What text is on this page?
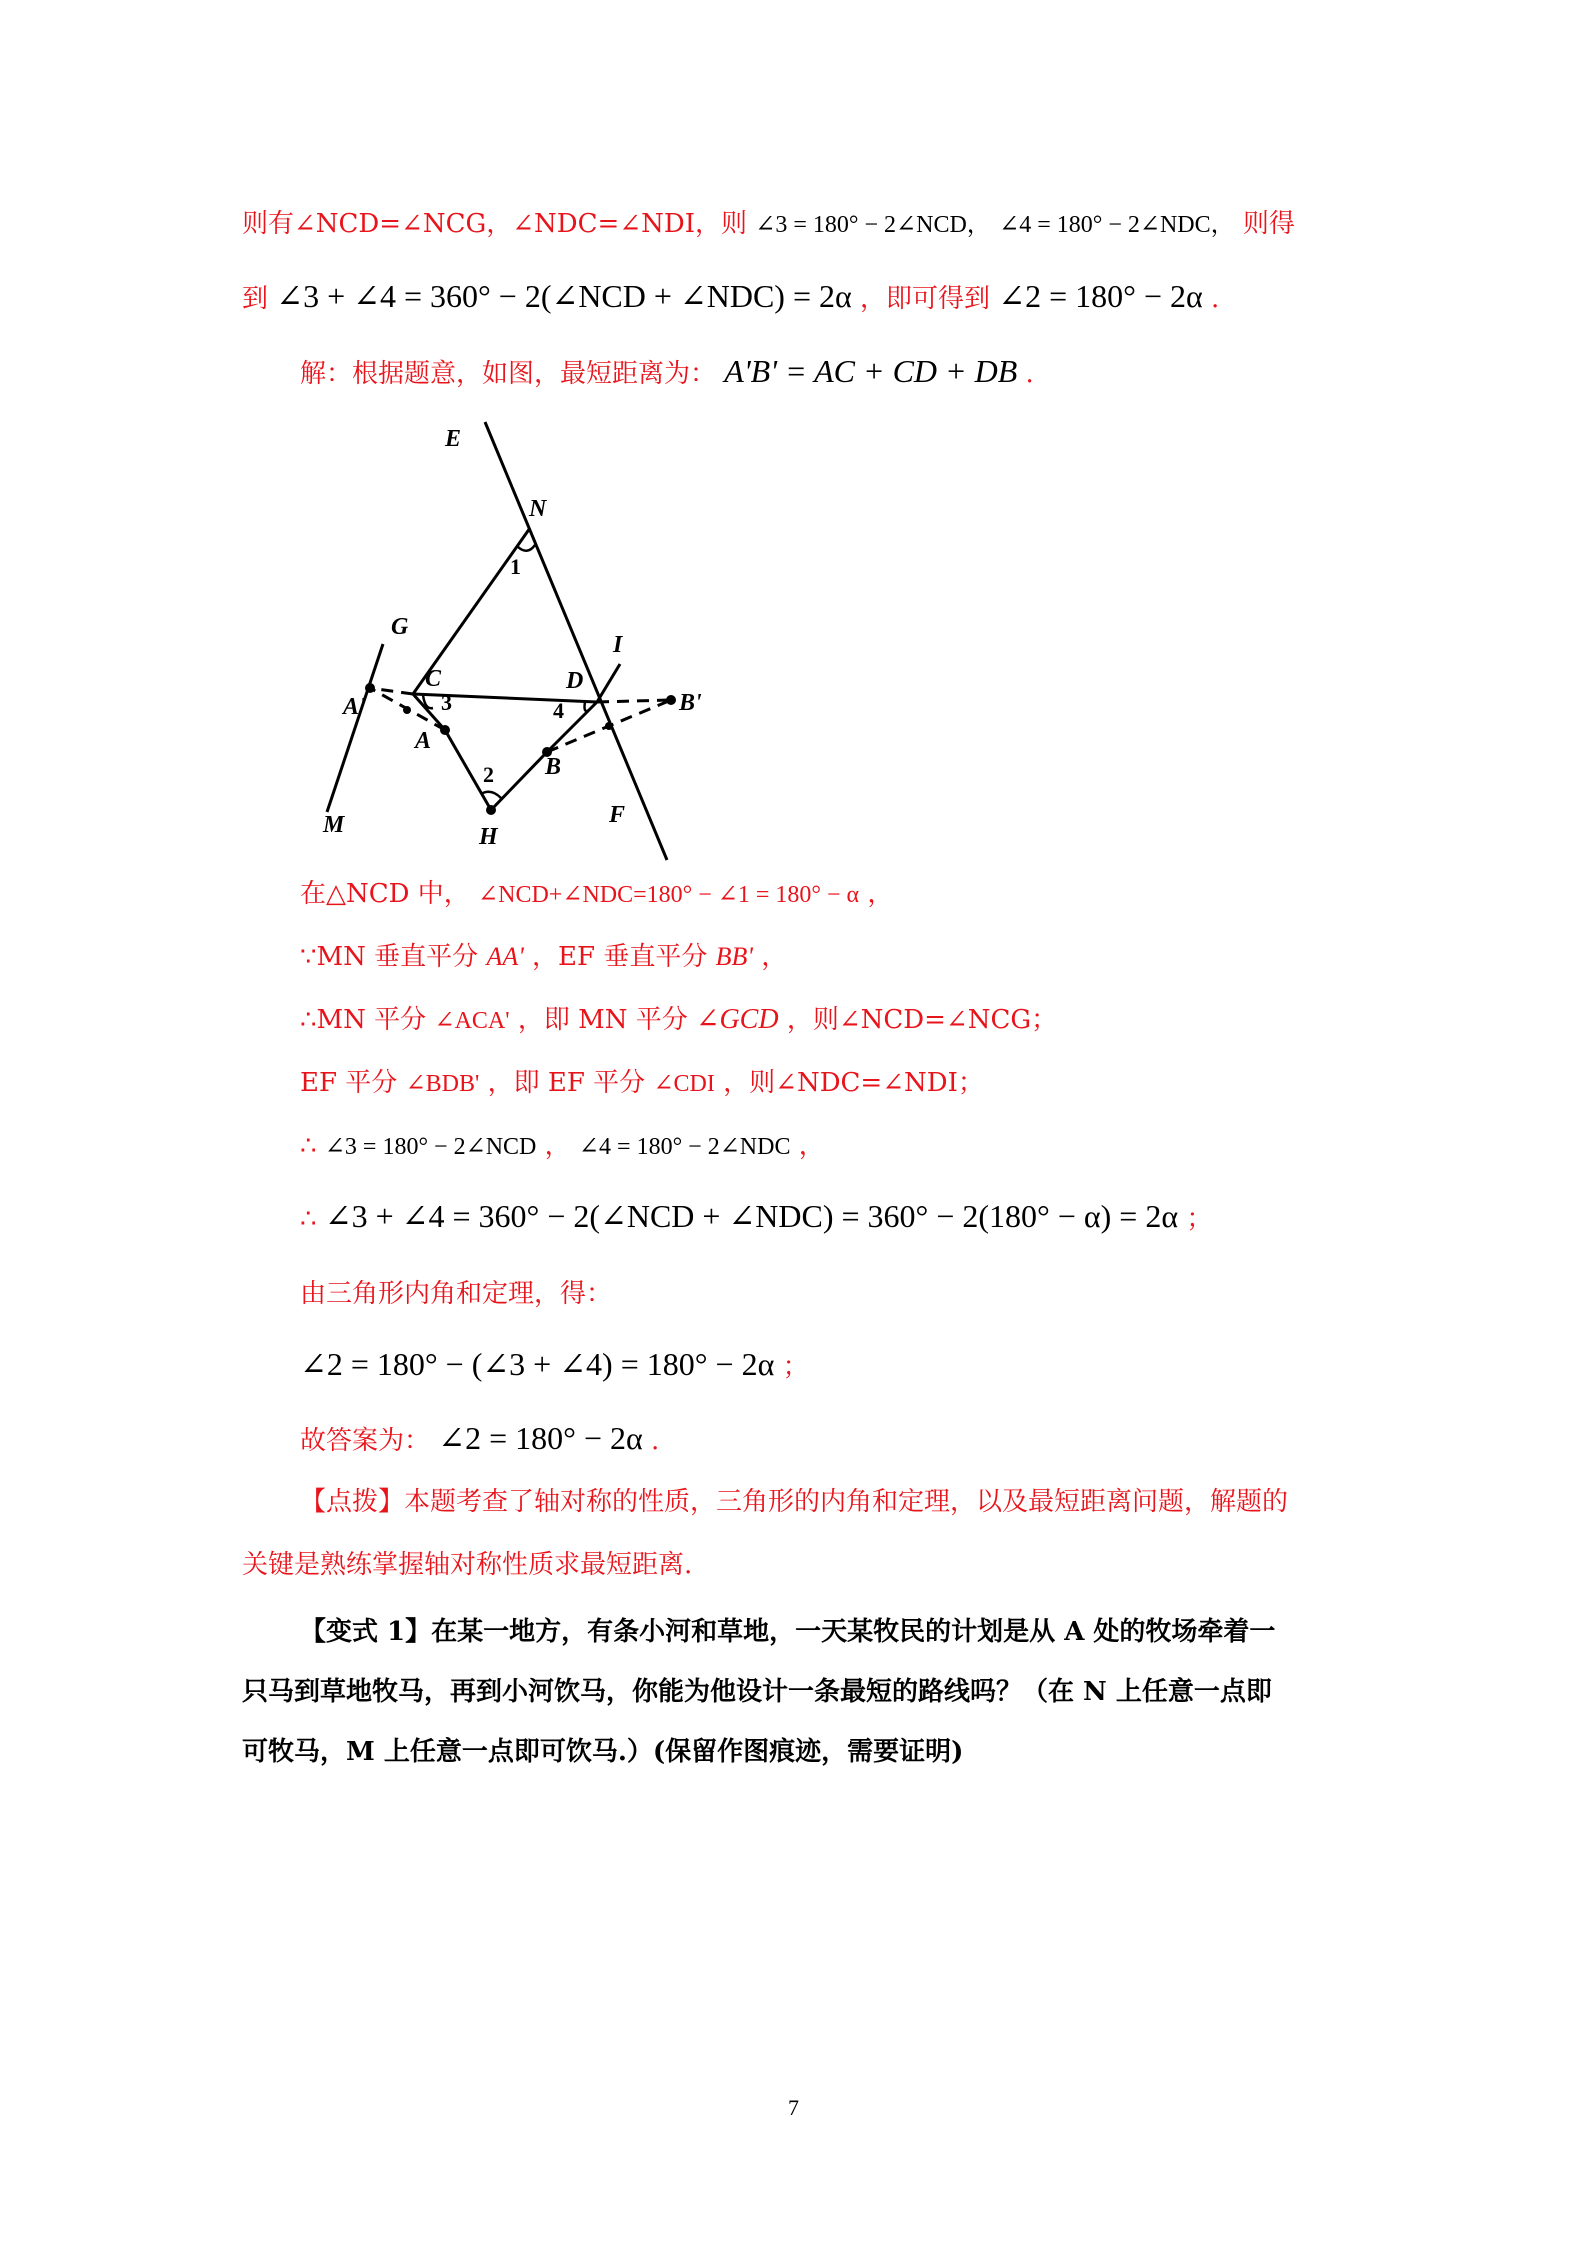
则有∠NCD=∠NCG，∠NDC=∠NDI，则 ∠3 = 180° − 2∠NCD， ∠4 = 180° − 2∠NDC， 则得
到 ∠3 + ∠4 = 360° − 2(∠NCD + ∠NDC) = 2α ，即可得到 ∠2 = 180° − 2α .
解：根据题意，如图，最短距离为： A'B' = AC + CD + DB .
E
N
1
G
C	D
I
A'	3	4	B'
A
B
2
M	H
F
在△NCD 中， ∠NCD+∠NDC=180° − ∠1 = 180° − α ，
∵MN 垂直平分 AA' ，EF 垂直平分 BB' ，
∴MN 平分 ∠ACA' ，即 MN 平分 ∠GCD ，则∠NCD=∠NCG；
EF 平分 ∠BDB' ，即 EF 平分 ∠CDI ，则∠NDC=∠NDI；
∴ ∠3 = 180° − 2∠NCD ， ∠4 = 180° − 2∠NDC ，
∴ ∠3 + ∠4 = 360° − 2(∠NCD + ∠NDC) = 360° − 2(180° − α) = 2α ；
由三角形内角和定理，得：
∠2 = 180° − (∠3 + ∠4) = 180° − 2α ；
故答案为： ∠2 = 180° − 2α .
【点拨】本题考查了轴对称的性质，三角形的内角和定理，以及最短距离问题，解题的
关键是熟练掌握轴对称性质求最短距离.
【变式 1】在某一地方，有条小河和草地，一天某牧民的计划是从 A 处的牧场牵着一
只马到草地牧马，再到小河饮马，你能为他设计一条最短的路线吗？（在 N 上任意一点即
可牧马，M 上任意一点即可饮马.）(保留作图痕迹，需要证明)
7
